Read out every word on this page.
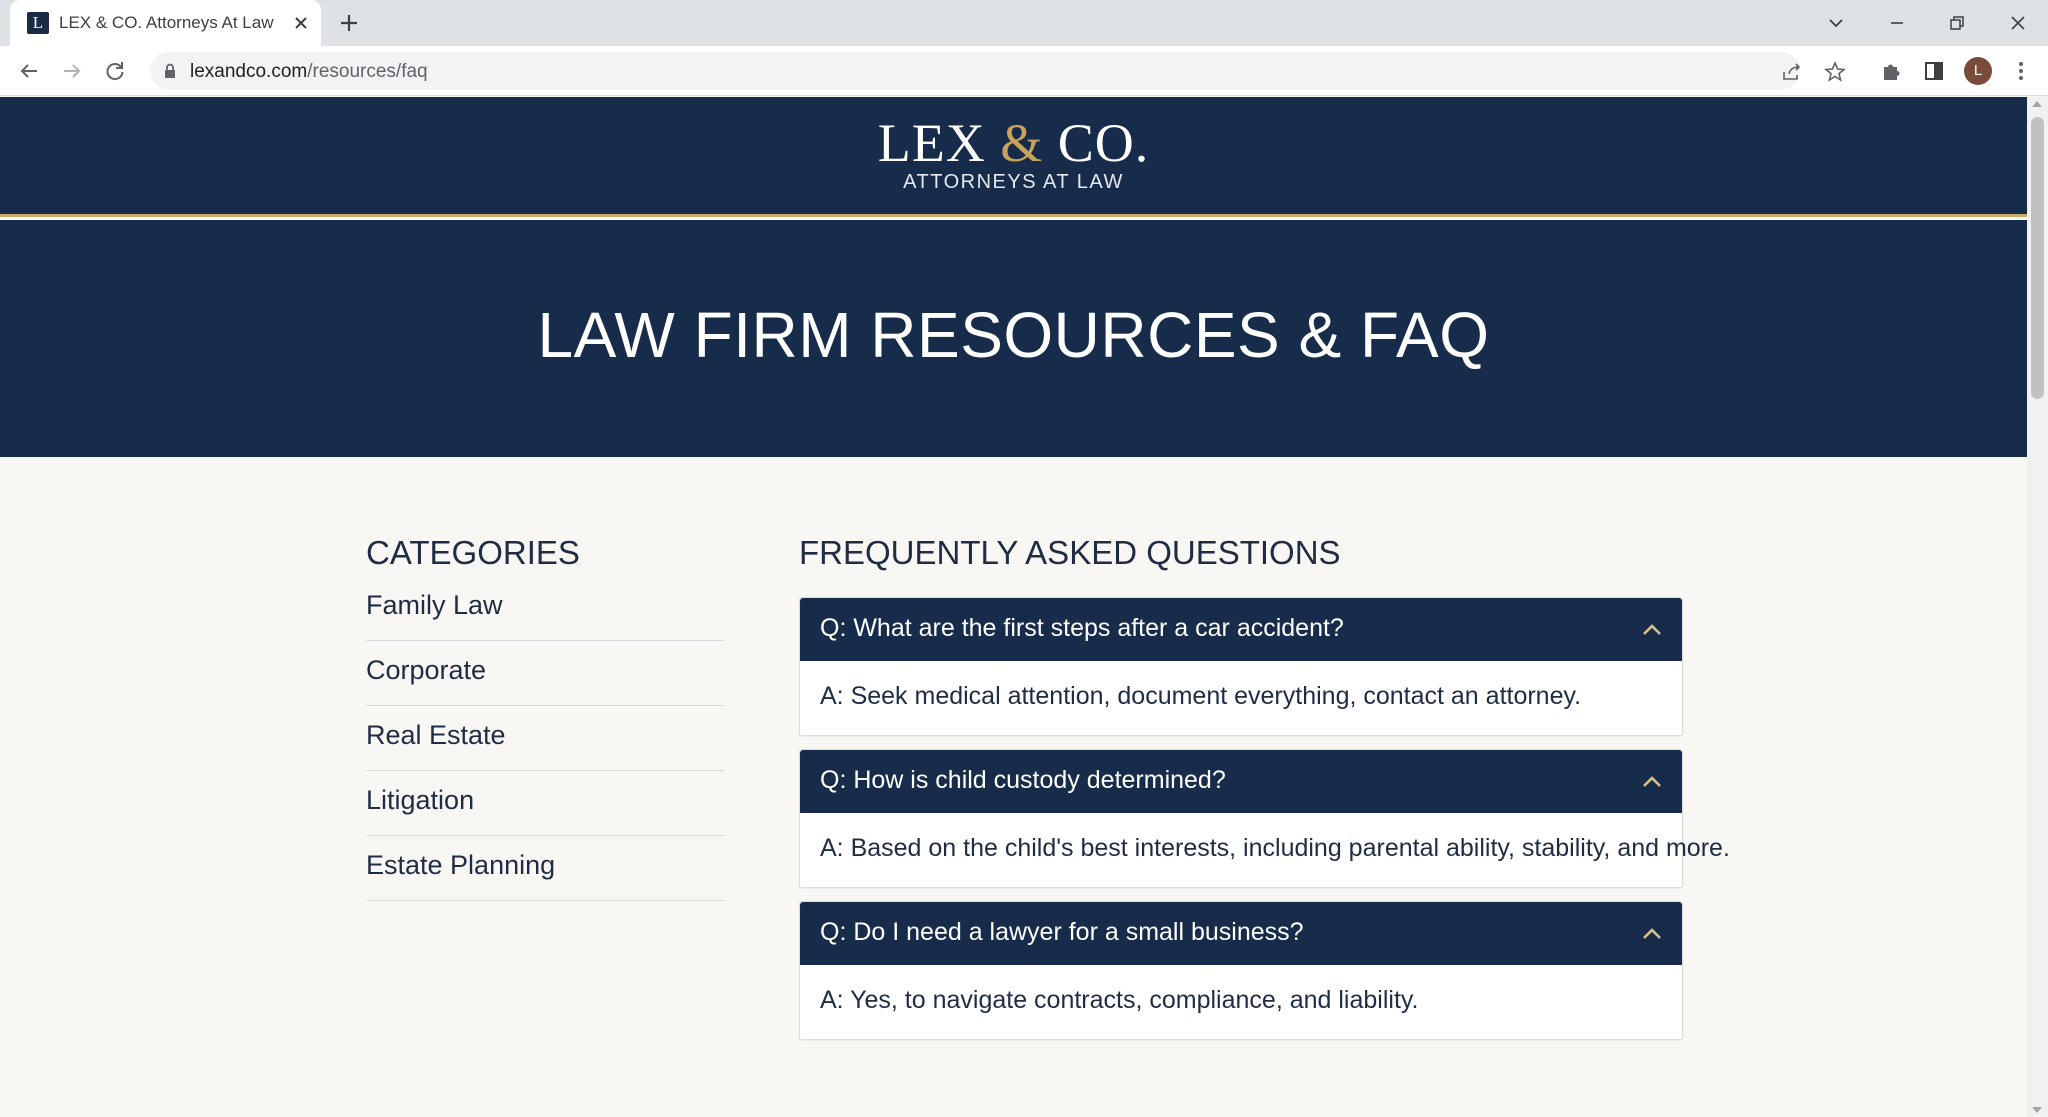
L LEX & CO. Attorneys At Law
lexandco.com/resources/faq	L
LEX & CO.
ATTORNEYS AT LAW
LAW FIRM RESOURCES & FAQ
CATEGORIES
Family Law
Corporate
Real Estate
Litigation
Estate Planning
FREQUENTLY ASKED QUESTIONS
Q: What are the first steps after a car accident?
A: Seek medical attention, document everything, contact an attorney.
Q: How is child custody determined?
A: Based on the child's best interests, including parental ability, stability, and more.
Q: Do I need a lawyer for a small business?
A: Yes, to navigate contracts, compliance, and liability.
